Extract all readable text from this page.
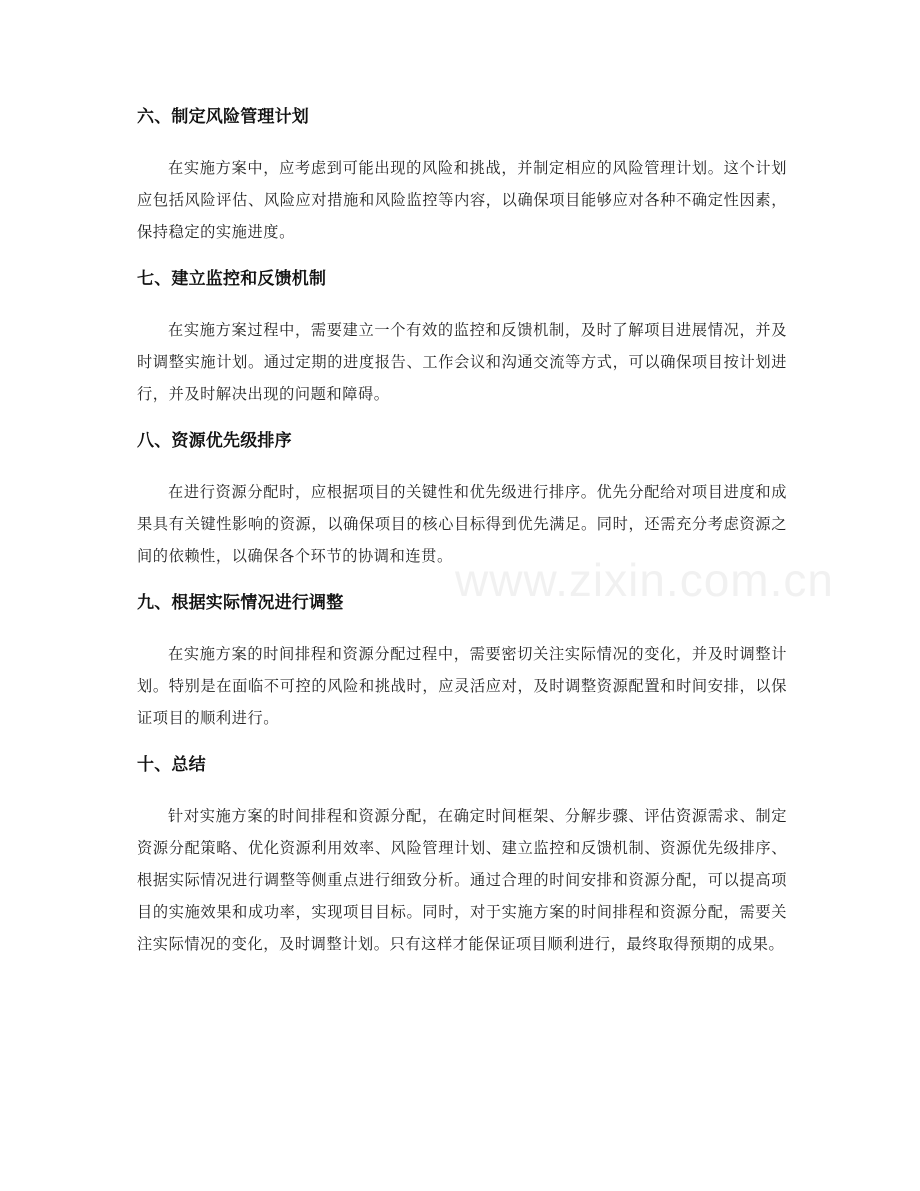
六、制定风险管理计划

在实施方案中，应考虑到可能出现的风险和挑战，并制定相应的风险管理计划。这个计划应包括风险评估、风险应对措施和风险监控等内容，以确保项目能够应对各种不确定性因素，保持稳定的实施进度。

七、建立监控和反馈机制

在实施方案过程中，需要建立一个有效的监控和反馈机制，及时了解项目进展情况，并及时调整实施计划。通过定期的进度报告、工作会议和沟通交流等方式，可以确保项目按计划进行，并及时解决出现的问题和障碍。

八、资源优先级排序

在进行资源分配时，应根据项目的关键性和优先级进行排序。优先分配给对项目进度和成果具有关键性影响的资源，以确保项目的核心目标得到优先满足。同时，还需充分考虑资源之间的依赖性，以确保各个环节的协调和连贯。

九、根据实际情况进行调整

在实施方案的时间排程和资源分配过程中，需要密切关注实际情况的变化，并及时调整计划。特别是在面临不可控的风险和挑战时，应灵活应对，及时调整资源配置和时间安排，以保证项目的顺利进行。

十、总结

针对实施方案的时间排程和资源分配，在确定时间框架、分解步骤、评估资源需求、制定资源分配策略、优化资源利用效率、风险管理计划、建立监控和反馈机制、资源优先级排序、根据实际情况进行调整等侧重点进行细致分析。通过合理的时间安排和资源分配，可以提高项目的实施效果和成功率，实现项目目标。同时，对于实施方案的时间排程和资源分配，需要关注实际情况的变化，及时调整计划。只有这样才能保证项目顺利进行，最终取得预期的成果。

www.zixin.com.cn
